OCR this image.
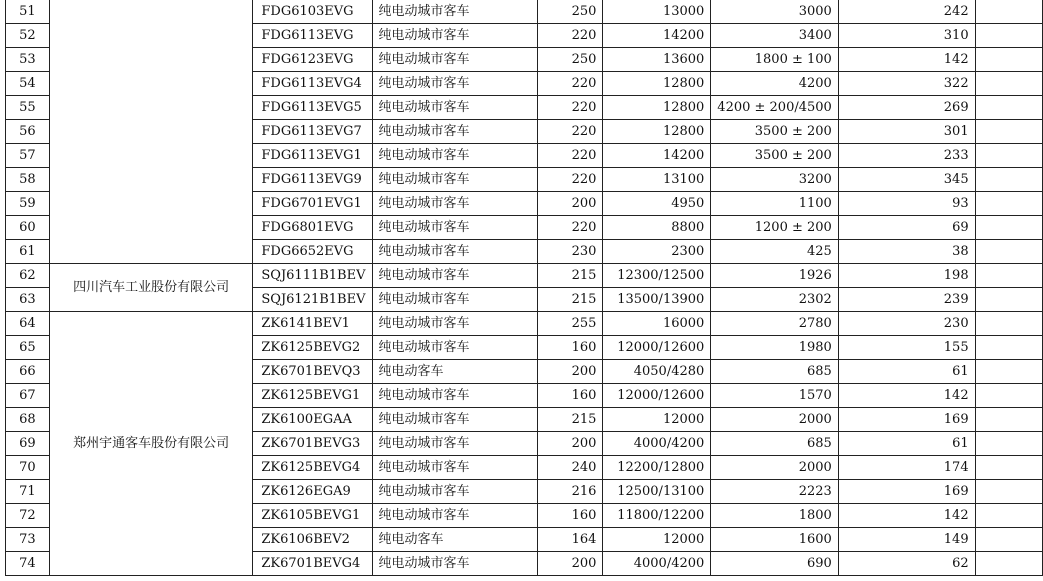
51		FDG6103EVG	纯电动城市客车	250	13000	3000	242	
52		FDG6113EVG	纯电动城市客车	220	14200	3400	310	
53		FDG6123EVG	纯电动城市客车	250	13600	1800 ± 100	142	
54		FDG6113EVG4	纯电动城市客车	220	12800	4200	322	
55		FDG6113EVG5	纯电动城市客车	220	12800	4200 ± 200/4500	269	
56		FDG6113EVG7	纯电动城市客车	220	12800	3500 ± 200	301	
57		FDG6113EVG1	纯电动城市客车	220	14200	3500 ± 200	233	
58		FDG6113EVG9	纯电动城市客车	220	13100	3200	345	
59		FDG6701EVG1	纯电动城市客车	200	4950	1100	93	
60		FDG6801EVG	纯电动城市客车	220	8800	1200 ± 200	69	
61		FDG6652EVG	纯电动城市客车	230	2300	425	38	
62	四川汽车工业股份有限公司	SQJ6111B1BEV	纯电动城市客车	215	12300/12500	1926	198	
63		SQJ6121B1BEV	纯电动城市客车	215	13500/13900	2302	239	
64	郑州宇通客车股份有限公司	ZK6141BEV1	纯电动城市客车	255	16000	2780	230	
65		ZK6125BEVG2	纯电动城市客车	160	12000/12600	1980	155	
66		ZK6701BEVQ3	纯电动客车	200	4050/4280	685	61	
67		ZK6125BEVG1	纯电动城市客车	160	12000/12600	1570	142	
68		ZK6100EGAA	纯电动城市客车	215	12000	2000	169	
69		ZK6701BEVG3	纯电动城市客车	200	4000/4200	685	61	
70		ZK6125BEVG4	纯电动城市客车	240	12200/12800	2000	174	
71		ZK6126EGA9	纯电动城市客车	216	12500/13100	2223	169	
72		ZK6105BEVG1	纯电动城市客车	160	11800/12200	1800	142	
73		ZK6106BEV2	纯电动客车	164	12000	1600	149	
74		ZK6701BEVG4	纯电动城市客车	200	4000/4200	690	62	
